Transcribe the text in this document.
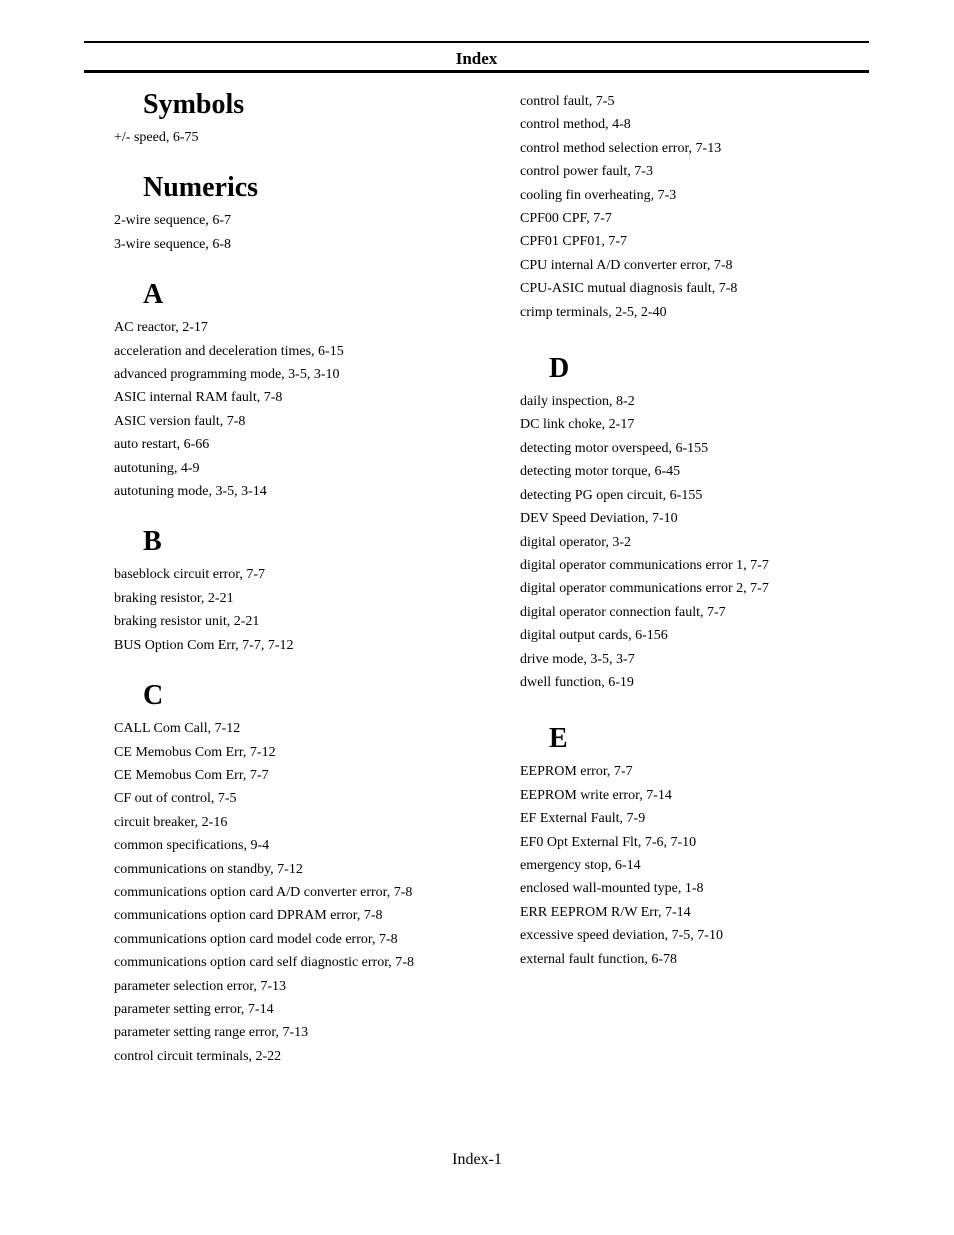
Index
Symbols
+/- speed, 6-75
Numerics
2-wire sequence, 6-7
3-wire sequence, 6-8
A
AC reactor, 2-17
acceleration and deceleration times, 6-15
advanced programming mode, 3-5, 3-10
ASIC internal RAM fault, 7-8
ASIC version fault, 7-8
auto restart, 6-66
autotuning, 4-9
autotuning mode, 3-5, 3-14
B
baseblock circuit error, 7-7
braking resistor, 2-21
braking resistor unit, 2-21
BUS Option Com Err, 7-7, 7-12
C
CALL Com Call, 7-12
CE Memobus Com Err, 7-12
CE Memobus Com Err, 7-7
CF out of control, 7-5
circuit breaker, 2-16
common specifications, 9-4
communications on standby, 7-12
communications option card A/D converter error, 7-8
communications option card DPRAM error, 7-8
communications option card model code error, 7-8
communications option card self diagnostic error, 7-8
parameter selection error, 7-13
parameter setting error, 7-14
parameter setting range error, 7-13
control circuit terminals, 2-22
control fault, 7-5
control method, 4-8
control method selection error, 7-13
control power fault, 7-3
cooling fin overheating, 7-3
CPF00 CPF, 7-7
CPF01 CPF01, 7-7
CPU internal A/D converter error, 7-8
CPU-ASIC mutual diagnosis fault, 7-8
crimp terminals, 2-5, 2-40
D
daily inspection, 8-2
DC link choke, 2-17
detecting motor overspeed, 6-155
detecting motor torque, 6-45
detecting PG open circuit, 6-155
DEV Speed Deviation, 7-10
digital operator, 3-2
digital operator communications error 1, 7-7
digital operator communications error 2, 7-7
digital operator connection fault, 7-7
digital output cards, 6-156
drive mode, 3-5, 3-7
dwell function, 6-19
E
EEPROM error, 7-7
EEPROM write error, 7-14
EF External Fault, 7-9
EF0 Opt External Flt, 7-6, 7-10
emergency stop, 6-14
enclosed wall-mounted type, 1-8
ERR EEPROM R/W Err, 7-14
excessive speed deviation, 7-5, 7-10
external fault function, 6-78
Index-1
